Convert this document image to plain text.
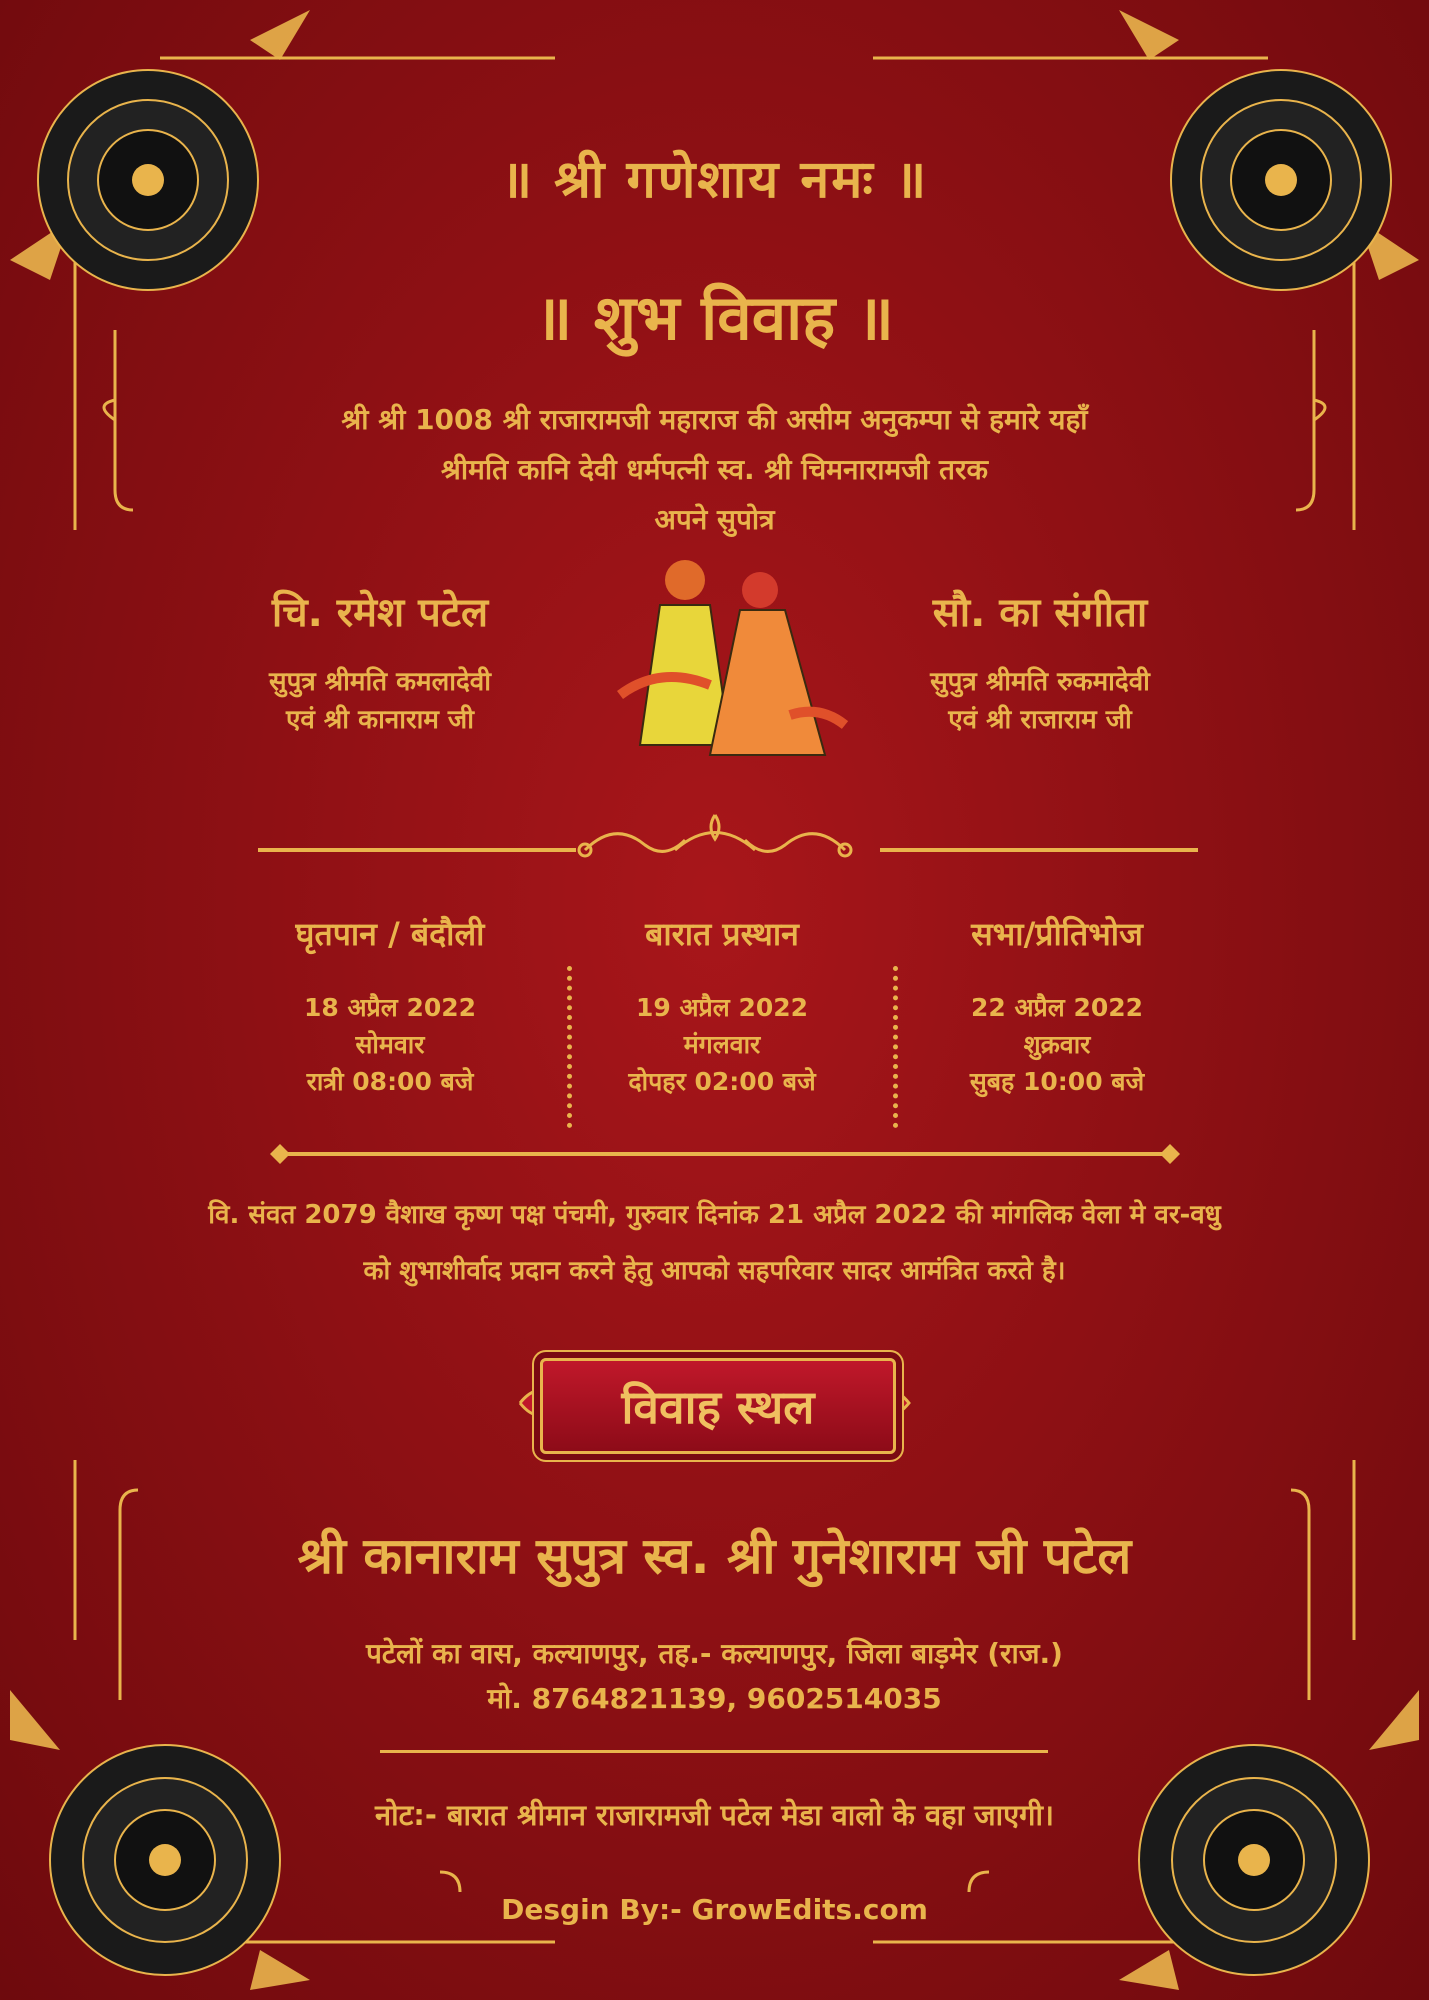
॥ श्री गणेशाय नमः ॥
॥ शुभ विवाह ॥
श्री श्री 1008 श्री राजारामजी महाराज की असीम अनुकम्पा से हमारे यहाँ
श्रीमति कानि देवी धर्मपत्नी स्व. श्री चिमनारामजी तरक
अपने सुपोत्र
चि. रमेश पटेल
सुपुत्र श्रीमति कमलादेवी
एवं श्री कानाराम जी
सौ. का संगीता
सुपुत्र श्रीमति रुकमादेवी
एवं श्री राजाराम जी
घृतपान / बंदौली
18 अप्रैल 2022
सोमवार
रात्री 08:00 बजे
बारात प्रस्थान
19 अप्रैल 2022
मंगलवार
दोपहर 02:00 बजे
सभा/प्रीतिभोज
22 अप्रैल 2022
शुक्रवार
सुबह 10:00 बजे
वि. संवत 2079 वैशाख कृष्ण पक्ष पंचमी, गुरुवार दिनांक 21 अप्रैल 2022 की मांगलिक वेला मे वर-वधु
को शुभाशीर्वाद प्रदान करने हेतु आपको सहपरिवार सादर आमंत्रित करते है।
विवाह स्थल
श्री कानाराम सुपुत्र स्व. श्री गुनेशाराम जी पटेल
पटेलों का वास, कल्याणपुर, तह.- कल्याणपुर, जिला बाड़मेर (राज.)
मो. 8764821139, 9602514035
नोट:- बारात श्रीमान राजारामजी पटेल मेडा वालो के वहा जाएगी।
Desgin By:- GrowEdits.com
